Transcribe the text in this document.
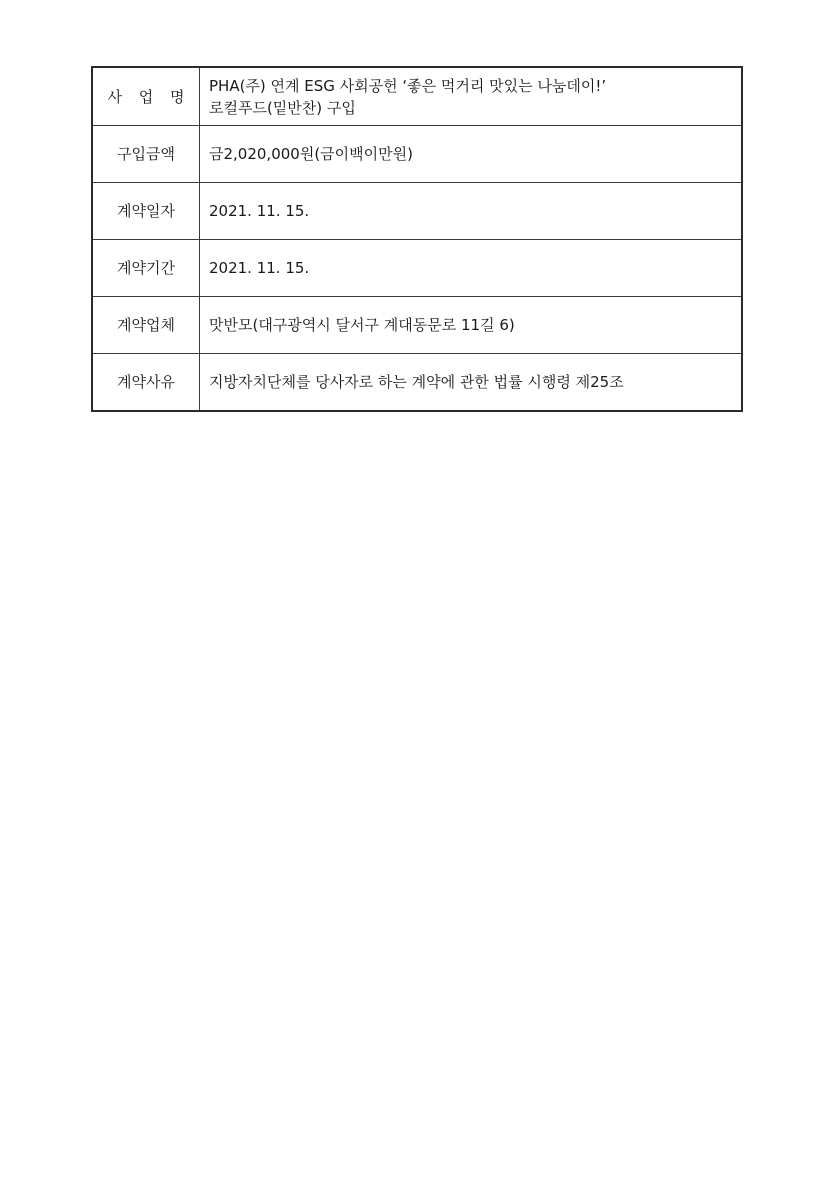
사 업 명	PHA(주) 연계 ESG 사회공헌 ‘좋은 먹거리 맛있는 나눔데이!’
로컬푸드(밑반찬) 구입

구입금액	금2,020,000원(금이백이만원)
계약일자	2021. 11. 15.
계약기간	2021. 11. 15.
계약업체	맛반모(대구광역시 달서구 계대동문로 11길 6)
계약사유	지방자치단체를 당사자로 하는 계약에 관한 법률 시행령 제25조
